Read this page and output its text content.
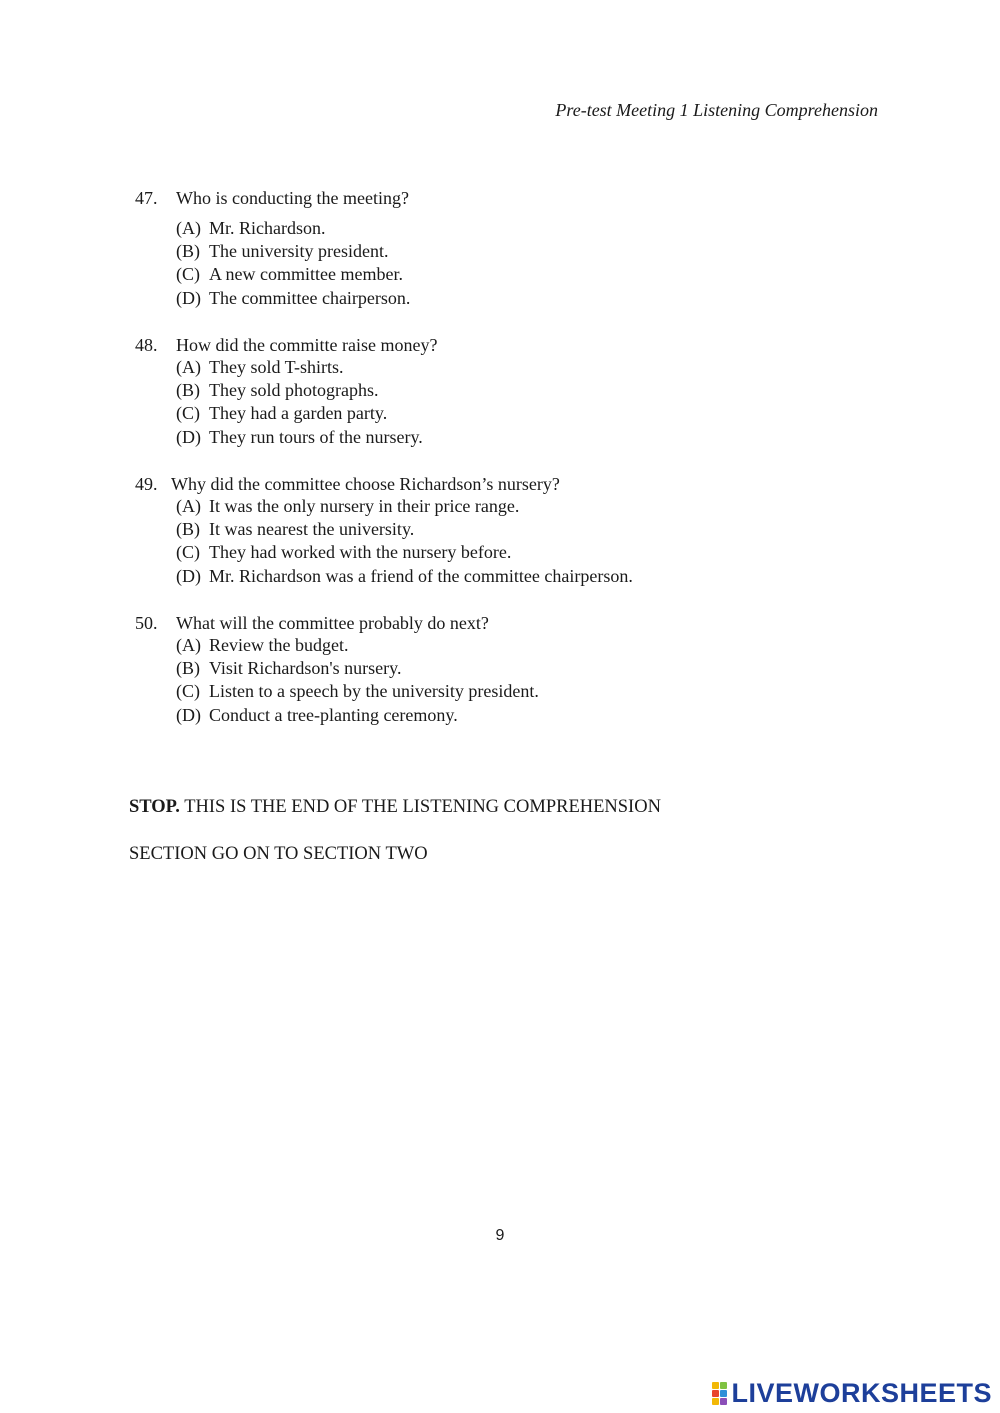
Pre-test Meeting 1 Listening Comprehension
47.	Who is conducting the meeting?
(A) Mr. Richardson.
(B) The university president.
(C) A new committee member.
(D) The committee chairperson.
48.	How did the committe raise money?
(A) They sold T-shirts.
(B) They sold photographs.
(C) They had a garden party.
(D) They run tours of the nursery.
49. Why did the committee choose Richardson’s nursery?
(A) It was the only nursery in their price range.
(B) It was nearest the university.
(C) They had worked with the nursery before.
(D) Mr. Richardson was a friend of the committee chairperson.
50.	What will the committee probably do next?
(A) Review the budget.
(B) Visit Richardson's nursery.
(C) Listen to a speech by the university president.
(D) Conduct a tree-planting ceremony.
STOP. THIS IS THE END OF THE LISTENING COMPREHENSION
SECTION GO ON TO SECTION TWO
9
LIVEWORKSHEETS
